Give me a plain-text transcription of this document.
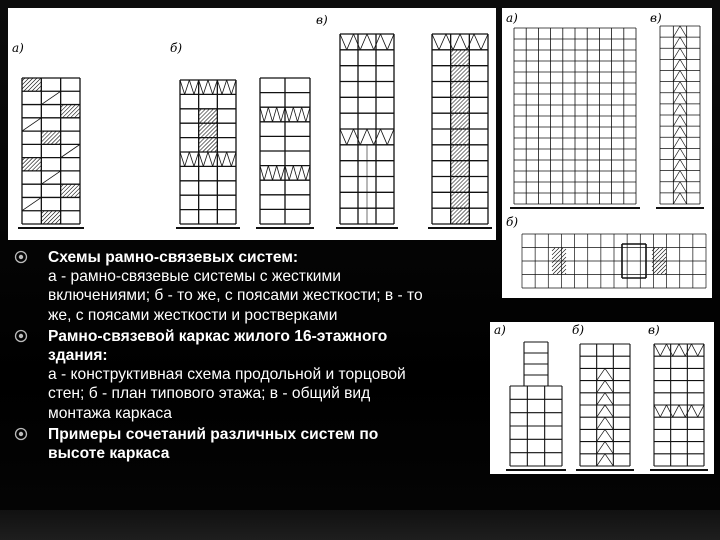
а)	б)
в)	а)	в)
б)
а)	б)	в)
Схемы рамно-связевых систем:
а - рамно-связевые системы с жесткими
включениями; б - то же, с поясами жесткости; в - то
же, с поясами жесткости и ростверками
Рамно-связевой каркас жилого 16-этажного
здания:
а - конструктивная схема продольной и торцовой
стен; б - план типового этажа; в - общий вид
монтажа каркаса
Примеры сочетаний различных систем по
высоте каркаса
